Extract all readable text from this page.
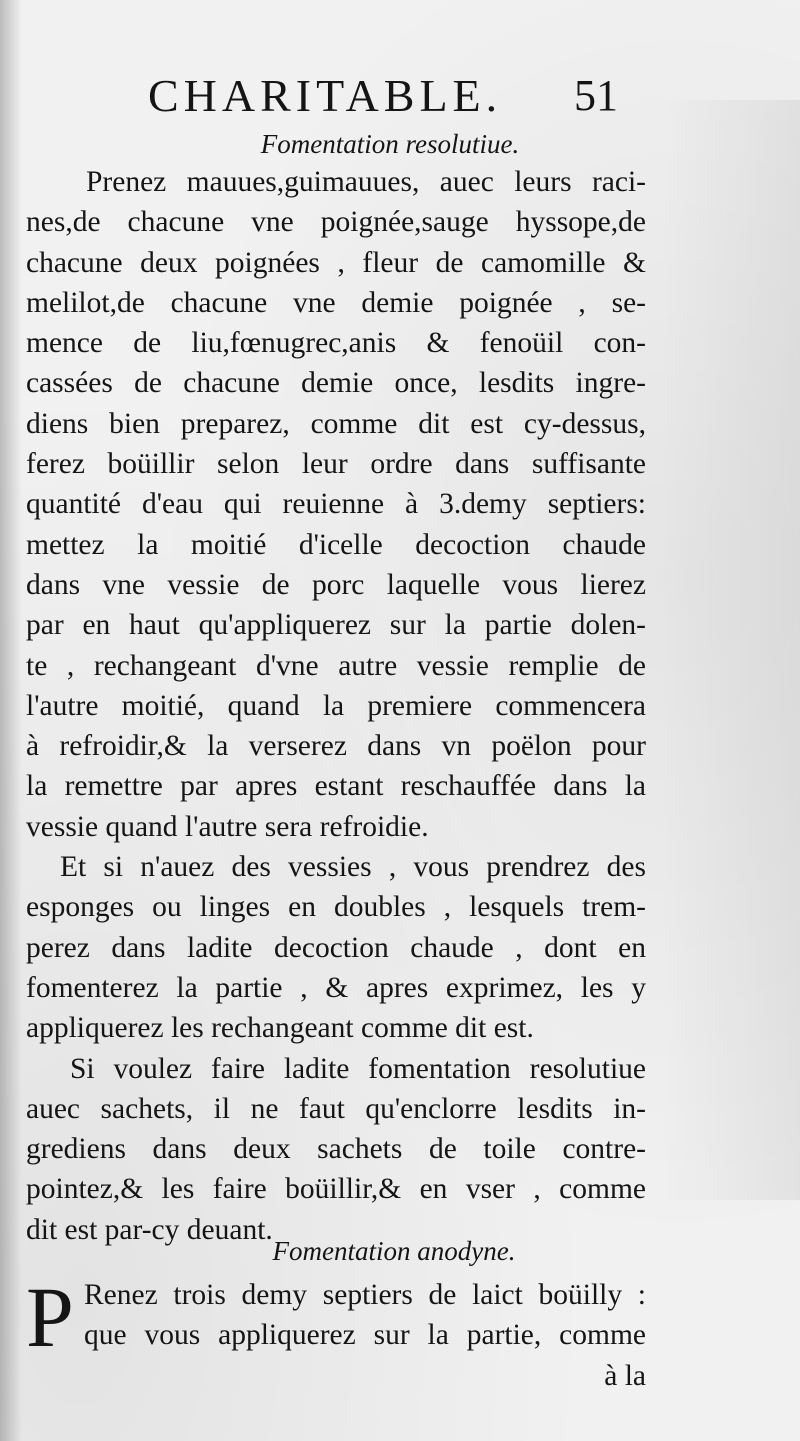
CHARITABLE. 51
Fomentation resolutiue.
Prenez mauues,guimauues, auec leurs raci-
nes,de chacune vne poignée,sauge hyssope,de
chacune deux poignées , fleur de camomille &
melilot,de chacune vne demie poignée , se-
mence de liu,fœnugrec,anis & fenoüil con-
cassées de chacune demie once, lesdits ingre-
diens bien preparez, comme dit est cy-dessus,
ferez boüillir selon leur ordre dans suffisante
quantité d'eau qui reuienne à 3.demy septiers:
mettez la moitié d'icelle decoction chaude
dans vne vessie de porc laquelle vous lierez
par en haut qu'appliquerez sur la partie dolen-
te , rechangeant d'vne autre vessie remplie de
l'autre moitié, quand la premiere commencera
à refroidir,& la verserez dans vn poëlon pour
la remettre par apres estant reschauffée dans la
vessie quand l'autre sera refroidie.
Et si n'auez des vessies , vous prendrez des
esponges ou linges en doubles , lesquels trem-
perez dans ladite decoction chaude , dont en
fomenterez la partie , & apres exprimez, les y
appliquerez les rechangeant comme dit est.
Si voulez faire ladite fomentation resolutiue
auec sachets, il ne faut qu'enclorre lesdits in-
grediens dans deux sachets de toile contre-
pointez,& les faire boüillir,& en vser , comme
dit est par-cy deuant.
Fomentation anodyne.
P Renez trois demy septiers de laict boüilly :
que vous appliquerez sur la partie, comme
à la
